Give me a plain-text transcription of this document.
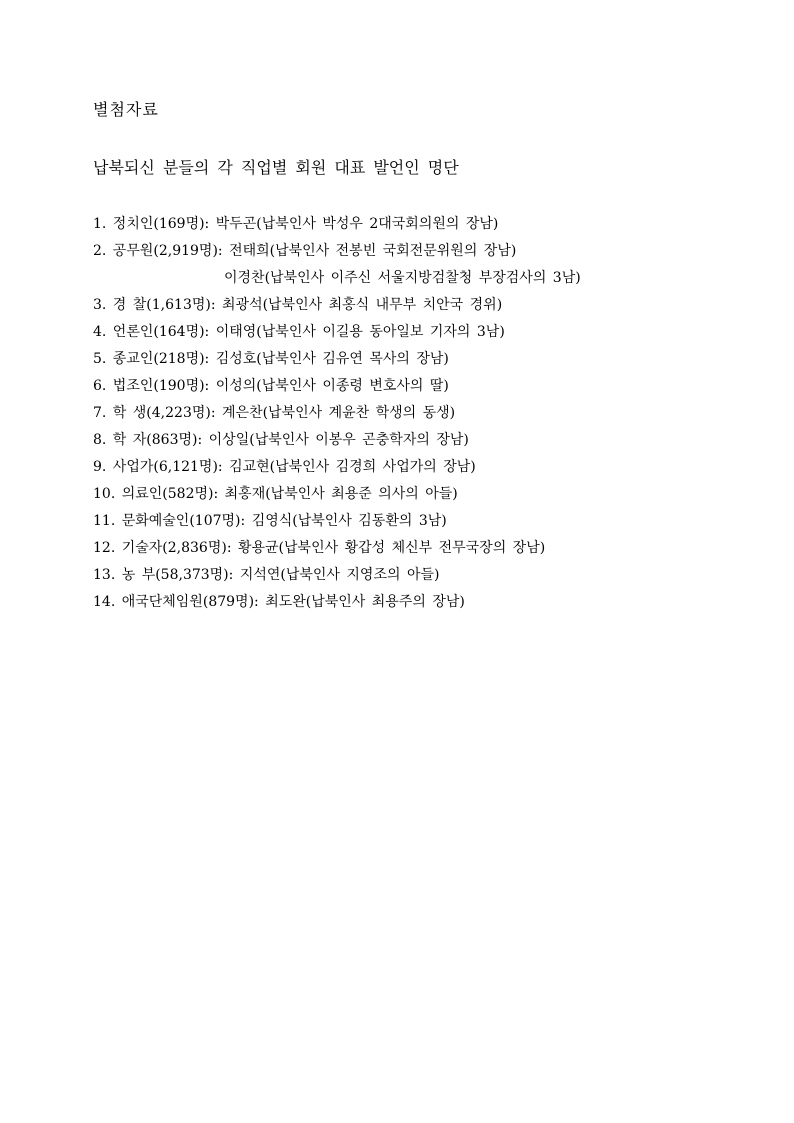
별첨자료
납북되신 분들의 각 직업별 회원 대표 발언인 명단
1. 정치인(169명): 박두곤(납북인사 박성우 2대국회의원의 장남)
2. 공무원(2,919명): 전태희(납북인사 전봉빈 국회전문위원의 장남)
이경찬(납북인사 이주신 서울지방검찰청 부장검사의 3남)
3. 경 찰(1,613명): 최광석(납북인사 최홍식 내무부 치안국 경위)
4. 언론인(164명): 이태영(납북인사 이길용 동아일보 기자의 3남)
5. 종교인(218명): 김성호(납북인사 김유연 목사의 장남)
6. 법조인(190명): 이성의(납북인사 이종령 변호사의 딸)
7. 학 생(4,223명): 계은찬(납북인사 계윤찬 학생의 동생)
8. 학 자(863명): 이상일(납북인사 이봉우 곤충학자의 장남)
9. 사업가(6,121명): 김교현(납북인사 김경희 사업가의 장남)
10. 의료인(582명): 최홍재(납북인사 최용준 의사의 아들)
11. 문화예술인(107명): 김영식(납북인사 김동환의 3남)
12. 기술자(2,836명): 황용균(납북인사 황갑성 체신부 전무국장의 장남)
13. 농 부(58,373명): 지석연(납북인사 지영조의 아들)
14. 애국단체임원(879명): 최도완(납북인사 최용주의 장남)
